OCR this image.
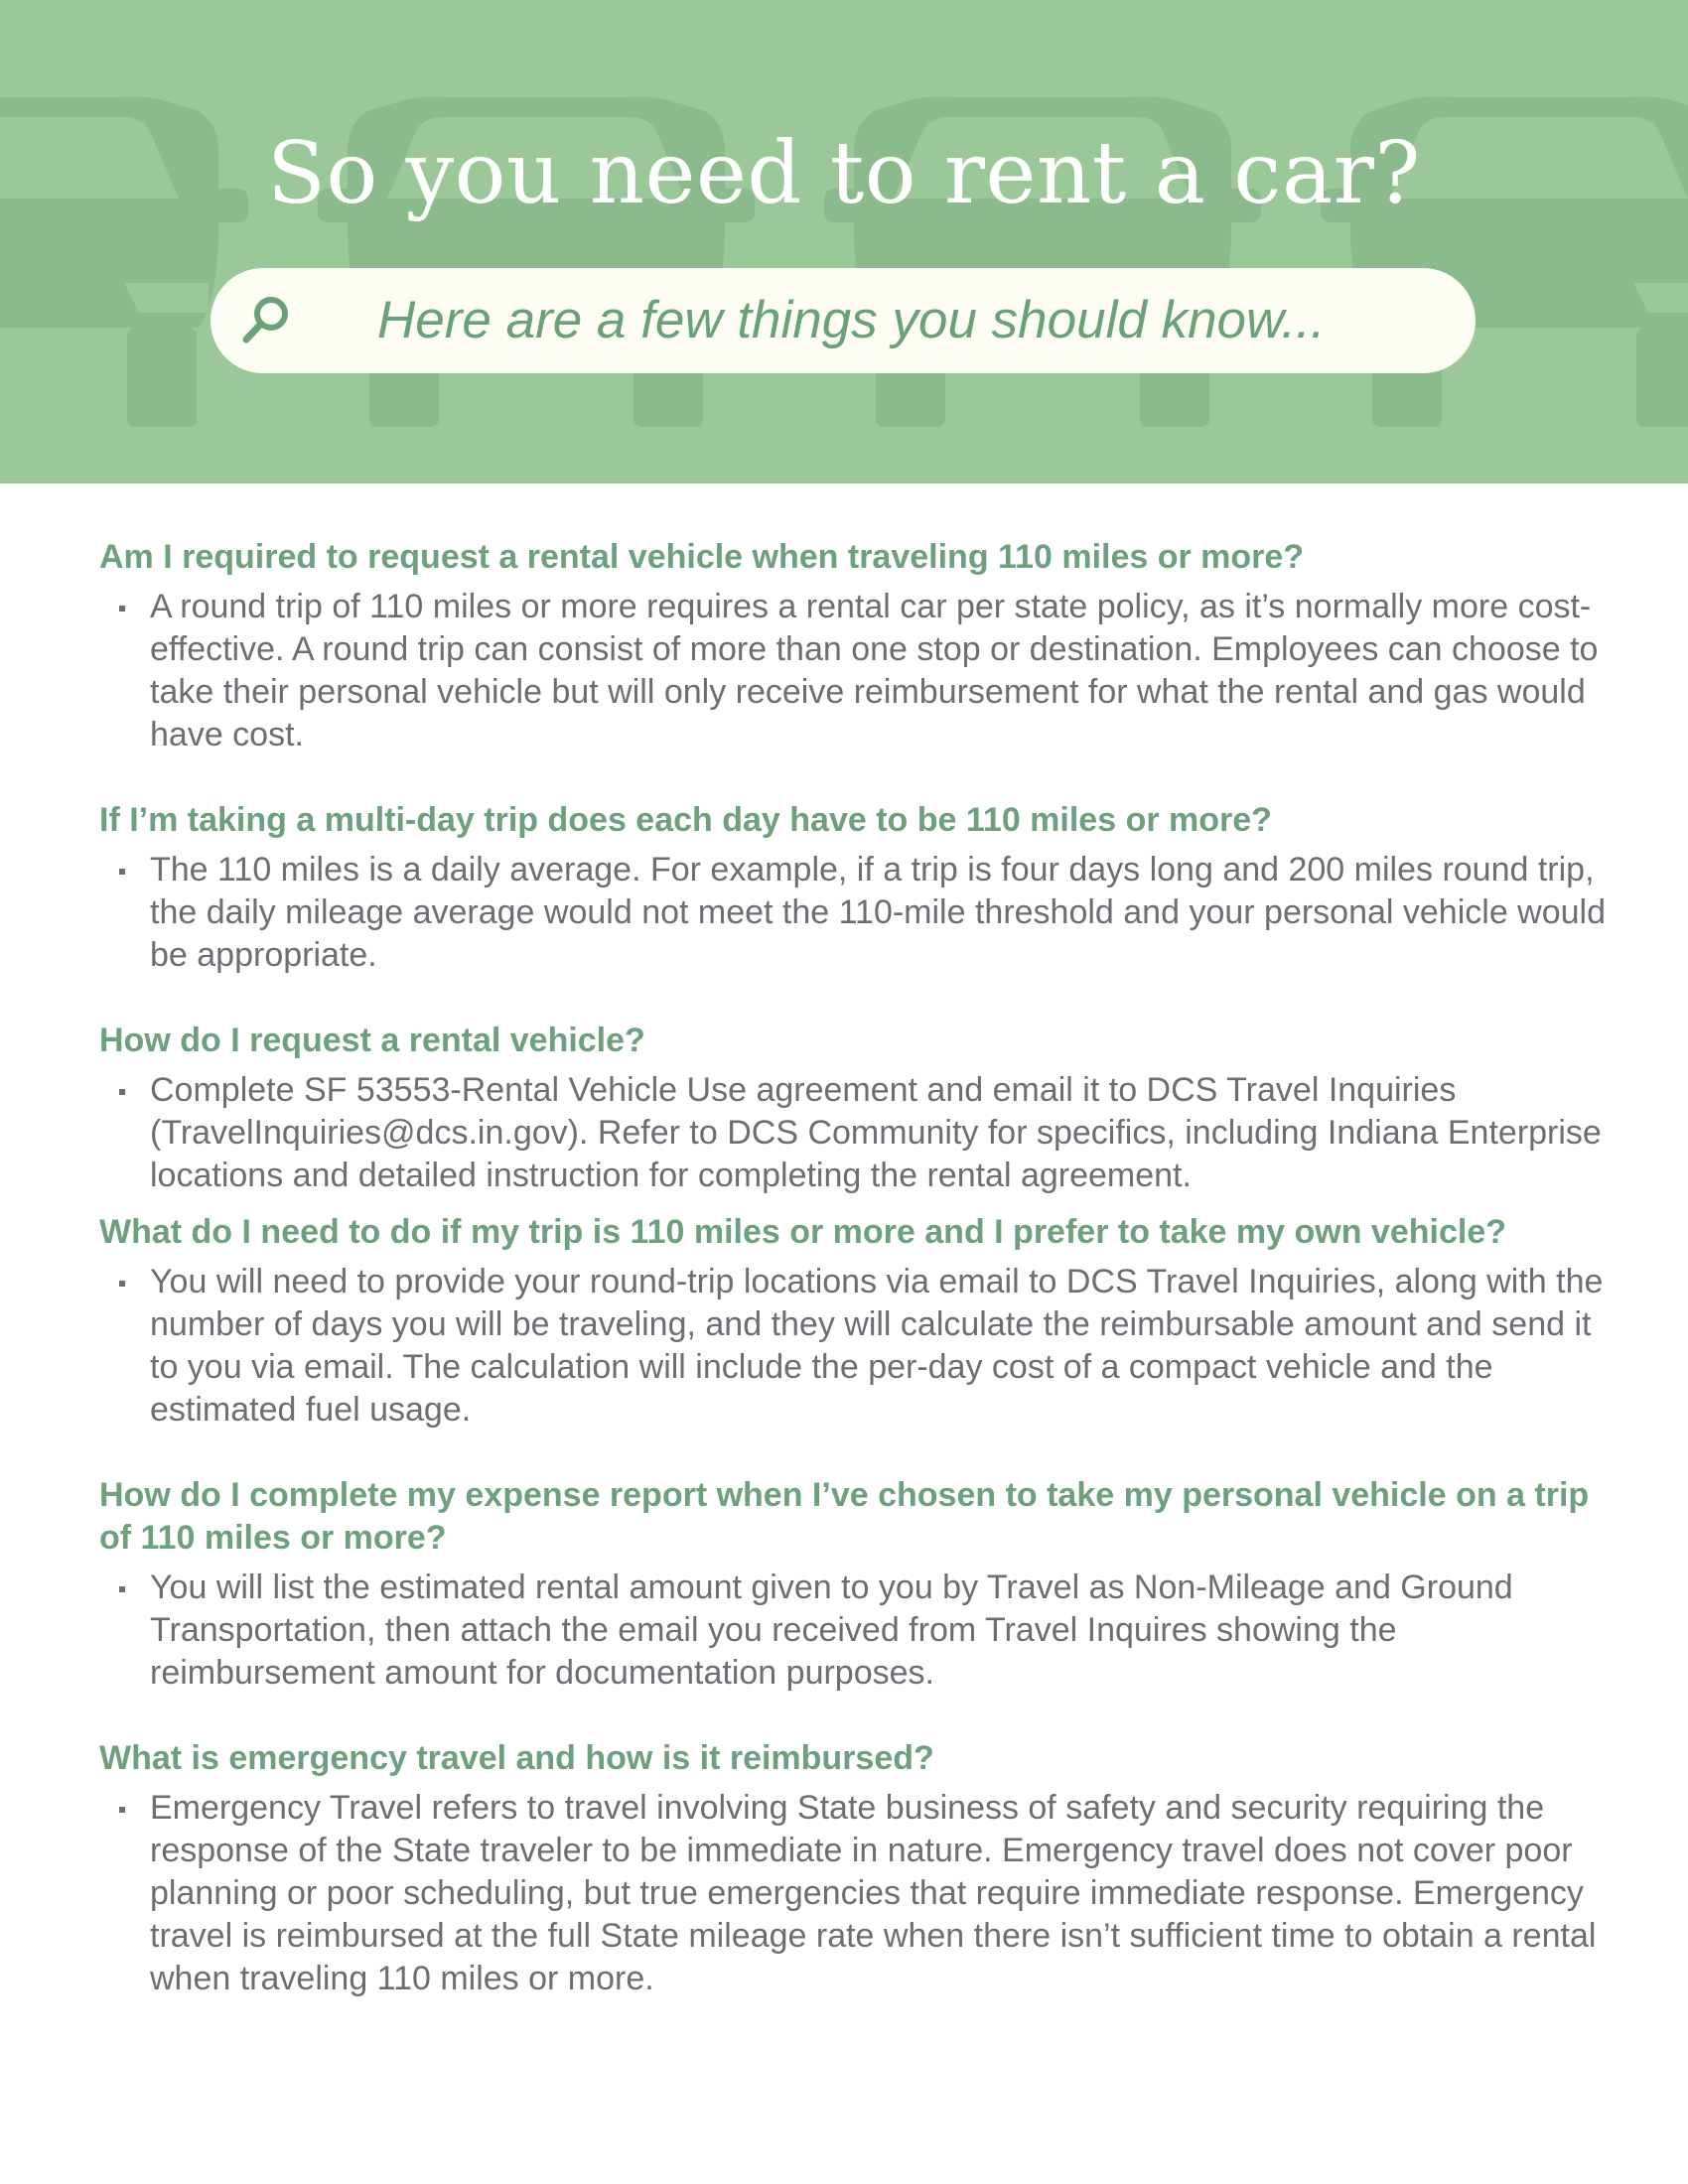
So you need to rent a car?
Here are a few things you should know...

Am I required to request a rental vehicle when traveling 110 miles or more?

A round trip of 110 miles or more requires a rental car per state policy, as it’s normally more cost-effective. A round trip can consist of more than one stop or destination. Employees can choose to take their personal vehicle but will only receive reimbursement for what the rental and gas would have cost.

If I’m taking a multi-day trip does each day have to be 110 miles or more?

The 110 miles is a daily average. For example, if a trip is four days long and 200 miles round trip, the daily mileage average would not meet the 110-mile threshold and your personal vehicle would be appropriate.

How do I request a rental vehicle?

Complete SF 53553-Rental Vehicle Use agreement and email it to DCS Travel Inquiries (TravelInquiries@dcs.in.gov). Refer to DCS Community for specifics, including Indiana Enterprise locations and detailed instruction for completing the rental agreement.

What do I need to do if my trip is 110 miles or more and I prefer to take my own vehicle?

You will need to provide your round-trip locations via email to DCS Travel Inquiries, along with the number of days you will be traveling, and they will calculate the reimbursable amount and send it to you via email. The calculation will include the per-day cost of a compact vehicle and the estimated fuel usage.

How do I complete my expense report when I’ve chosen to take my personal vehicle on a trip of 110 miles or more?

You will list the estimated rental amount given to you by Travel as Non-Mileage and Ground Transportation, then attach the email you received from Travel Inquires showing the reimbursement amount for documentation purposes.

What is emergency travel and how is it reimbursed?

Emergency Travel refers to travel involving State business of safety and security requiring the response of the State traveler to be immediate in nature. Emergency travel does not cover poor planning or poor scheduling, but true emergencies that require immediate response. Emergency travel is reimbursed at the full State mileage rate when there isn’t sufficient time to obtain a rental when traveling 110 miles or more.
